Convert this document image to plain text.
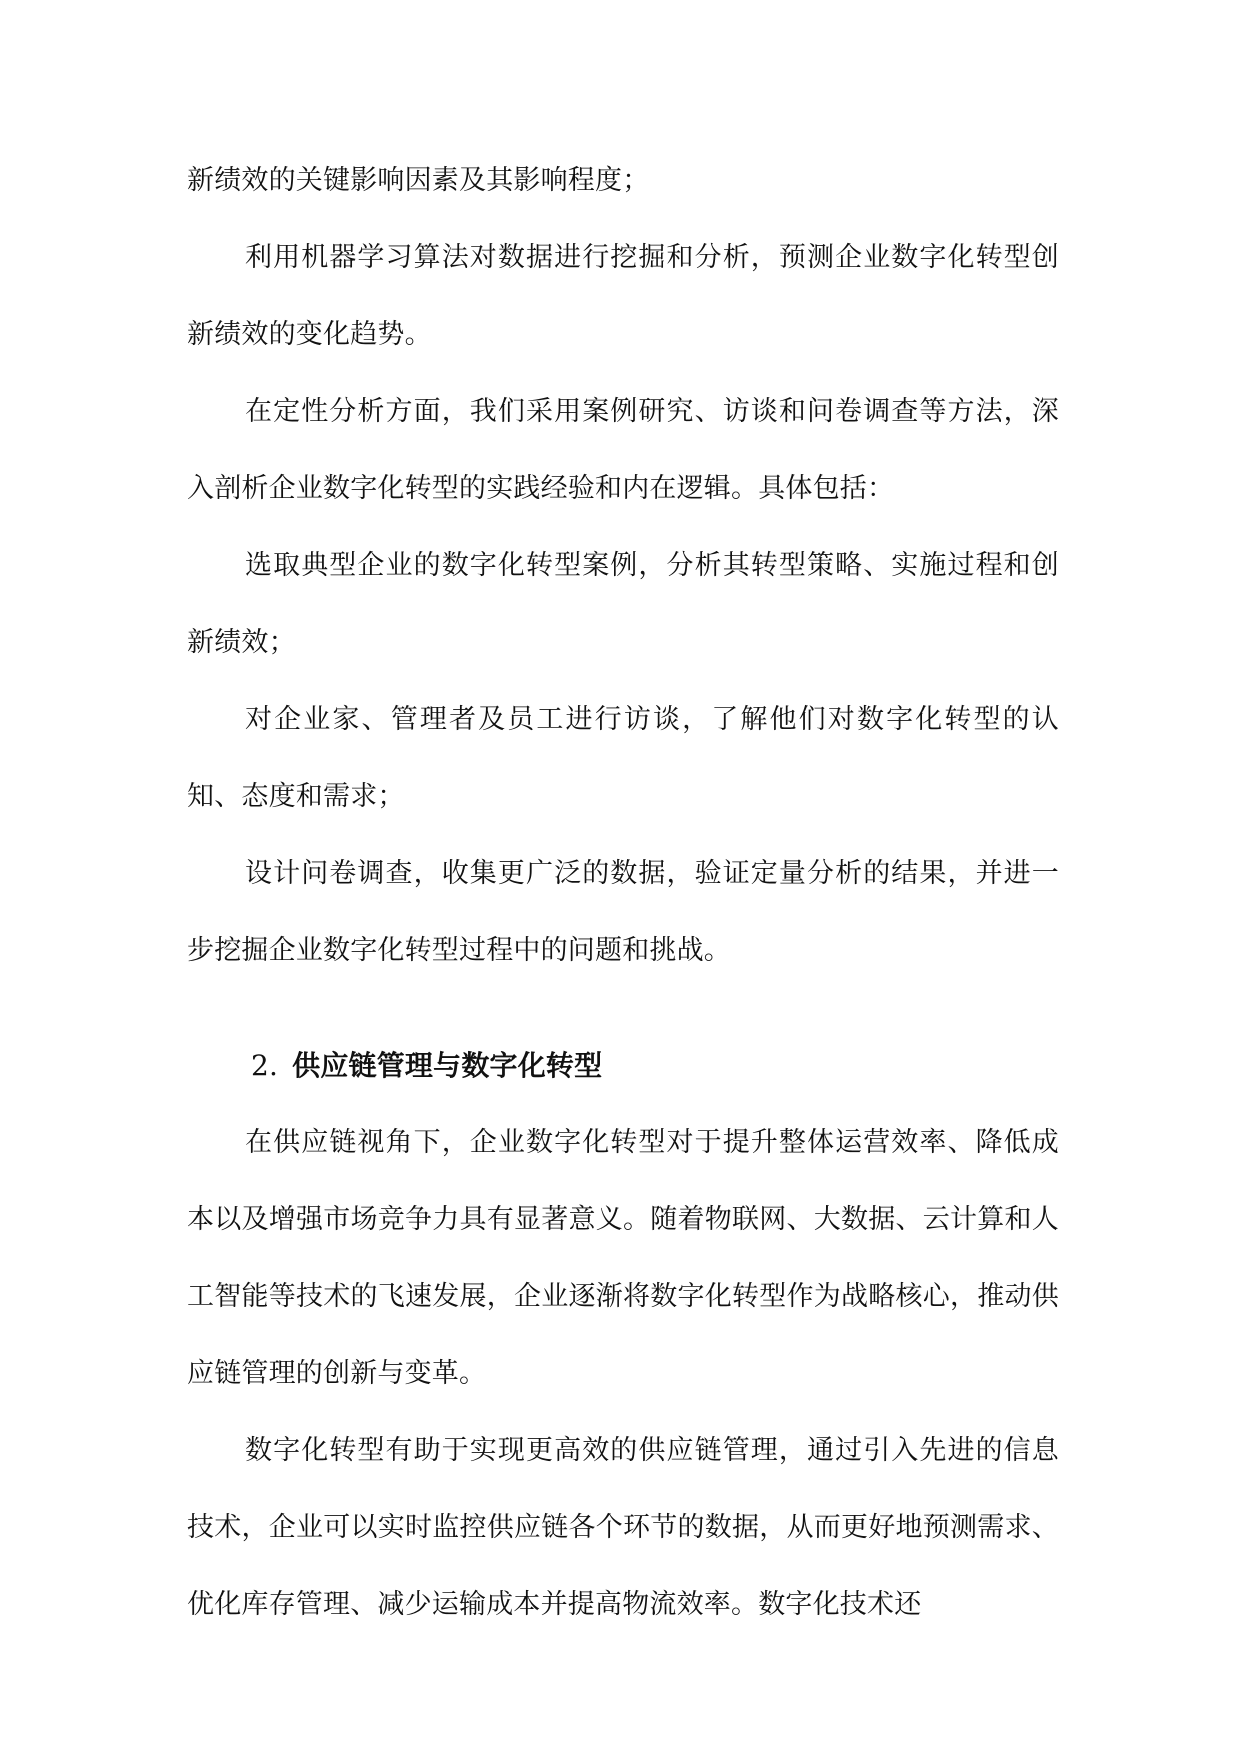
新绩效的关键影响因素及其影响程度；

利用机器学习算法对数据进行挖掘和分析，预测企业数字化转型创新绩效的变化趋势。

在定性分析方面，我们采用案例研究、访谈和问卷调查等方法，深入剖析企业数字化转型的实践经验和内在逻辑。具体包括：

选取典型企业的数字化转型案例，分析其转型策略、实施过程和创新绩效；

对企业家、管理者及员工进行访谈，了解他们对数字化转型的认知、态度和需求；

设计问卷调查，收集更广泛的数据，验证定量分析的结果，并进一步挖掘企业数字化转型过程中的问题和挑战。

2. 供应链管理与数字化转型

在供应链视角下，企业数字化转型对于提升整体运营效率、降低成本以及增强市场竞争力具有显著意义。随着物联网、大数据、云计算和人工智能等技术的飞速发展，企业逐渐将数字化转型作为战略核心，推动供应链管理的创新与变革。

数字化转型有助于实现更高效的供应链管理，通过引入先进的信息技术，企业可以实时监控供应链各个环节的数据，从而更好地预测需求、优化库存管理、减少运输成本并提高物流效率。数字化技术还
